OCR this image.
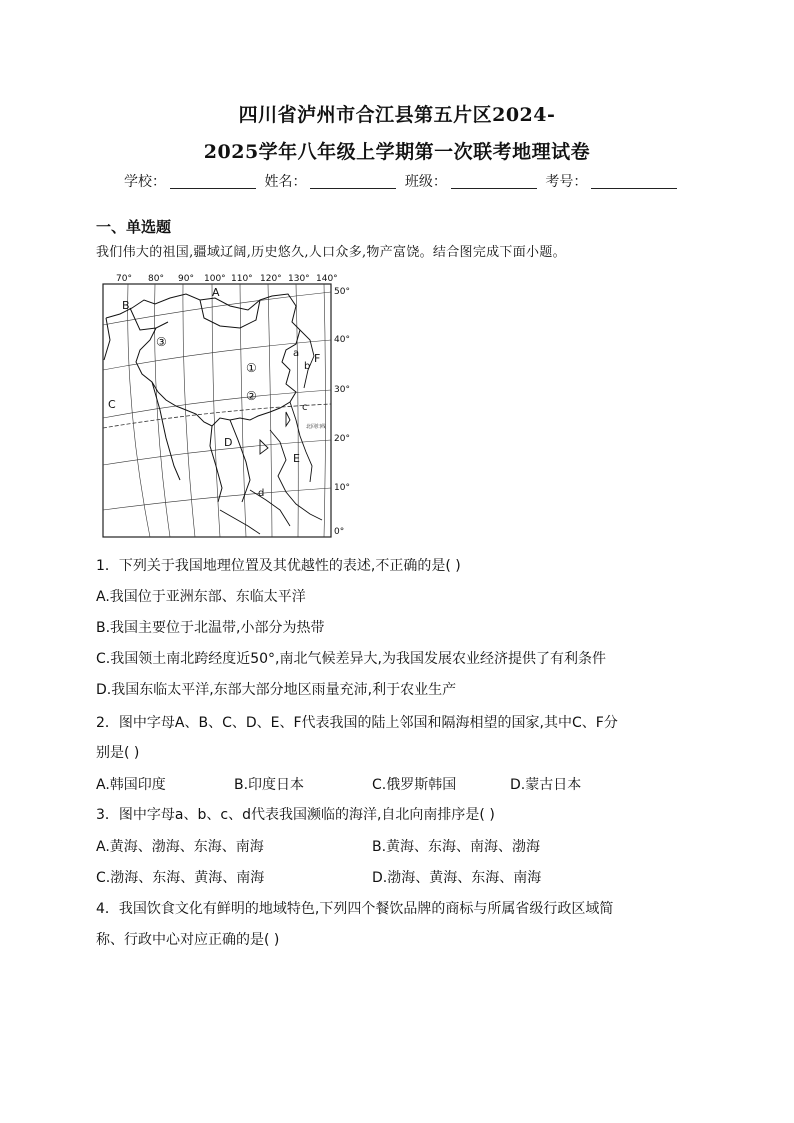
四川省泸州市合江县第五片区2024-
2025学年八年级上学期第一次联考地理试卷
学校：	姓名：	班级：	考号：
一、单选题
我们伟大的祖国,疆域辽阔,历史悠久,人口众多,物产富饶。结合图完成下面小题。
70° 80° 90° 100° 110° 120° 130° 140°
50°
40°
30°
20°
10°
0°
北回归线
A
B
C
D
E
F
a
b
c
d
①
②
③
1．下列关于我国地理位置及其优越性的表述,不正确的是( )
A.我国位于亚洲东部、东临太平洋
B.我国主要位于北温带,小部分为热带
C.我国领土南北跨经度近50°,南北气候差异大,为我国发展农业经济提供了有利条件
D.我国东临太平洋,东部大部分地区雨量充沛,利于农业生产
2．图中字母A、B、C、D、E、F代表我国的陆上邻国和隔海相望的国家,其中C、F分
别是( )
A.韩国印度	B.印度日本	C.俄罗斯韩国	D.蒙古日本
3．图中字母a、b、c、d代表我国濒临的海洋,自北向南排序是( )
A.黄海、渤海、东海、南海	B.黄海、东海、南海、渤海
C.渤海、东海、黄海、南海	D.渤海、黄海、东海、南海
4．我国饮食文化有鲜明的地域特色,下列四个餐饮品牌的商标与所属省级行政区域简
称、行政中心对应正确的是( )
